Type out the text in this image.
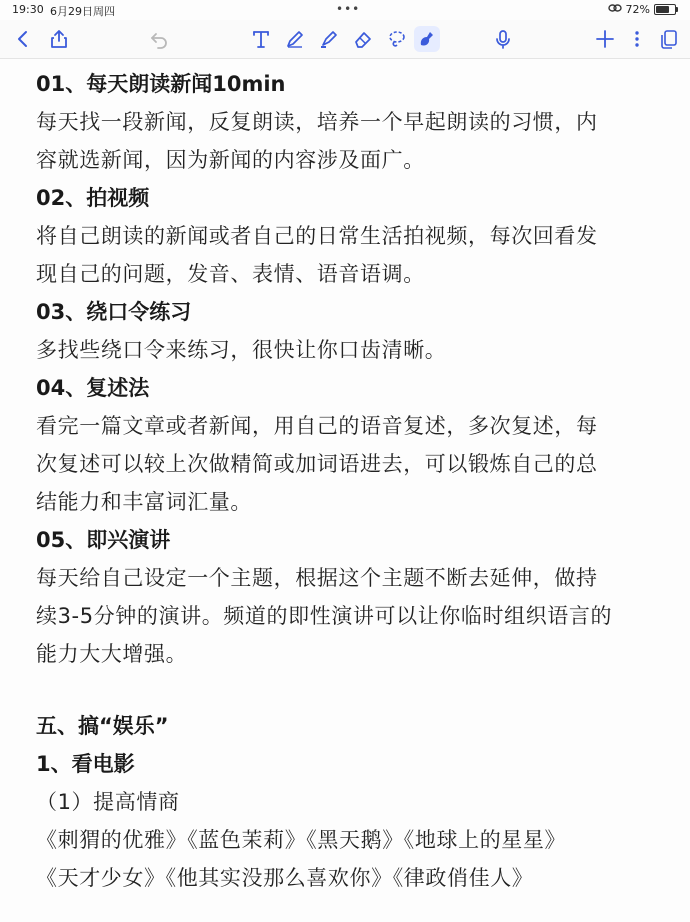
19:30 6月29日周四	•••	72%
01、每天朗读新闻10min
每天找一段新闻，反复朗读，培养一个早起朗读的习惯，内
容就选新闻，因为新闻的内容涉及面广。
02、拍视频
将自己朗读的新闻或者自己的日常生活拍视频，每次回看发
现自己的问题，发音、表情、语音语调。
03、绕口令练习
多找些绕口令来练习，很快让你口齿清晰。
04、复述法
看完一篇文章或者新闻，用自己的语音复述，多次复述，每
次复述可以较上次做精简或加词语进去，可以锻炼自己的总
结能力和丰富词汇量。
05、即兴演讲
每天给自己设定一个主题，根据这个主题不断去延伸，做持
续3-5分钟的演讲。频道的即性演讲可以让你临时组织语言的
能力大大增强。
五、搞“娱乐”
1、看电影
（1）提高情商
《刺猬的优雅》《蓝色茉莉》《黑天鹅》《地球上的星星》
《天才少女》《他其实没那么喜欢你》《律政俏佳人》
